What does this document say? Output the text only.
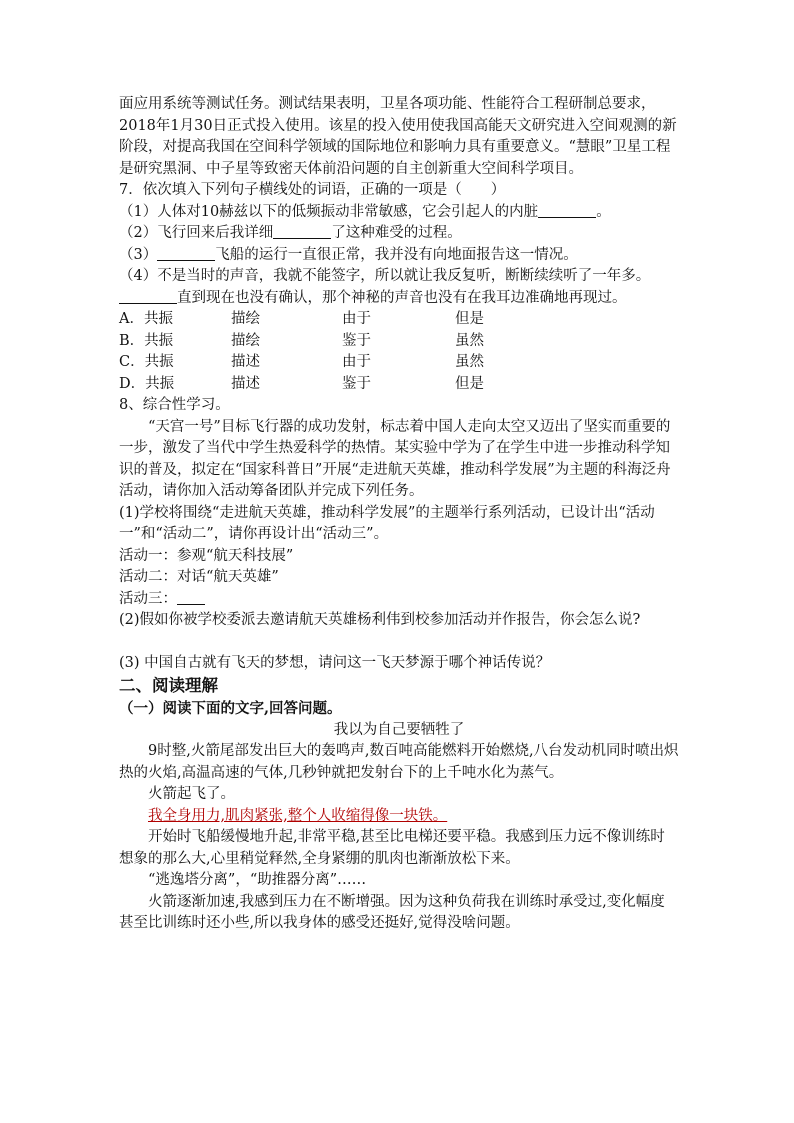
面应用系统等测试任务。测试结果表明，卫星各项功能、性能符合工程研制总要求，2018年1月30日正式投入使用。该星的投入使用使我国高能天文研究进入空间观测的新阶段，对提高我国在空间科学领域的国际地位和影响力具有重要意义。“慧眼”卫星工程是研究黑洞、中子星等致密天体前沿问题的自主创新重大空间科学项目。

7．依次填入下列句子横线处的词语，正确的一项是（　　）

（1）人体对10赫兹以下的低频振动非常敏感，它会引起人的内脏	。

（2）飞行回来后我详细	了这种难受的过程。

（3）	飞船的运行一直很正常，我并没有向地面报告这一情况。

（4）不是当时的声音，我就不能签字，所以就让我反复听，断断续续听了一年多。直到现在也没有确认，那个神秘的声音也没有在我耳边准确地再现过。

A．共振	描绘	由于	但是
B．共振	描绘	鉴于	虽然
C．共振	描述	由于	虽然
D．共振	描述	鉴于	但是

8、综合性学习。

“天宫一号”目标飞行器的成功发射，标志着中国人走向太空又迈出了坚实而重要的一步，激发了当代中学生热爱科学的热情。某实验中学为了在学生中进一步推动科学知识的普及，拟定在“国家科普日”开展“走进航天英雄，推动科学发展”为主题的科海泛舟活动，请你加入活动筹备团队并完成下列任务。

(1)学校将围绕“走进航天英雄，推动科学发展”的主题举行系列活动，已设计出“活动一”和“活动二”，请你再设计出“活动三”。

活动一：参观“航天科技展”

活动二：对话“航天英雄”

活动三：

(2)假如你被学校委派去邀请航天英雄杨利伟到校参加活动并作报告，你会怎么说?

(3) 中国自古就有飞天的梦想，请问这一飞天梦源于哪个神话传说？

二、阅读理解

（一）阅读下面的文字,回答问题。

我以为自己要牺牲了

9时整,火箭尾部发出巨大的轰鸣声,数百吨高能燃料开始燃烧,八台发动机同时喷出炽热的火焰,高温高速的气体,几秒钟就把发射台下的上千吨水化为蒸气。

火箭起飞了。

我全身用力,肌肉紧张,整个人收缩得像一块铁。

开始时飞船缓慢地升起,非常平稳,甚至比电梯还要平稳。我感到压力远不像训练时想象的那么大,心里稍觉释然,全身紧绷的肌肉也渐渐放松下来。

“逃逸塔分离”，“助推器分离”……

火箭逐渐加速,我感到压力在不断增强。因为这种负荷我在训练时承受过,变化幅度甚至比训练时还小些,所以我身体的感受还挺好,觉得没啥问题。
